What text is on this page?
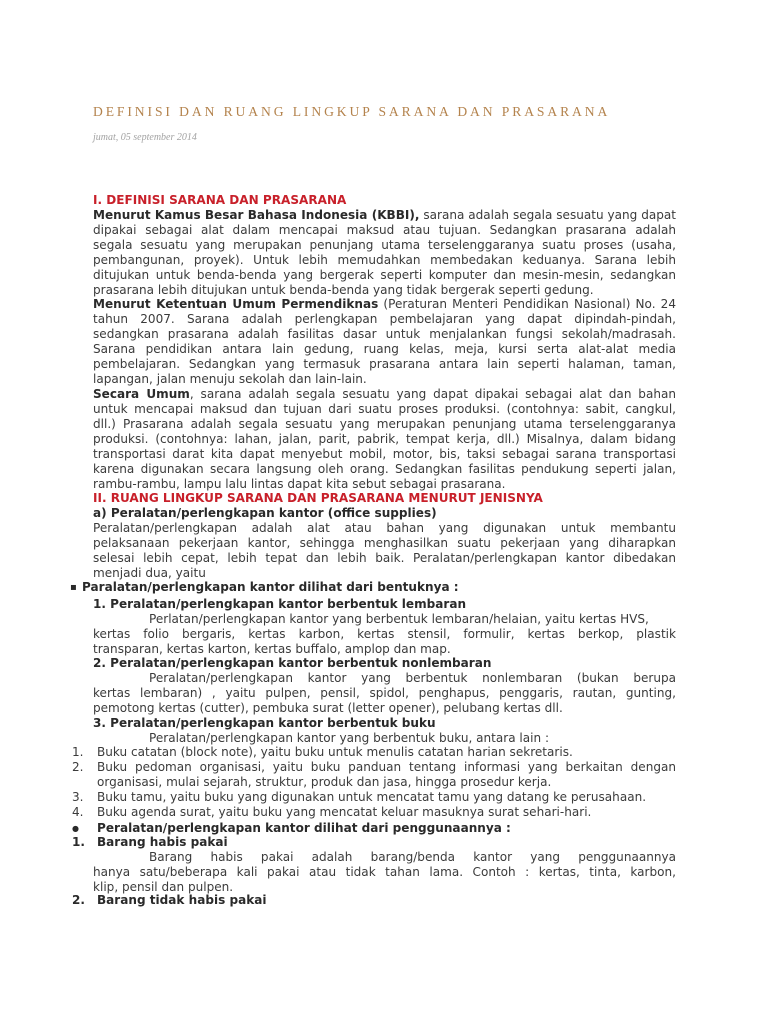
DEFINISI DAN RUANG LINGKUP SARANA DAN PRASARANA
jumat, 05 september 2014
I. DEFINISI SARANA DAN PRASARANA
Menurut Kamus Besar Bahasa Indonesia (KBBI), sarana adalah segala sesuatu yang dapat
dipakai sebagai alat dalam mencapai maksud atau tujuan. Sedangkan prasarana adalah
segala sesuatu yang merupakan penunjang utama terselenggaranya suatu proses (usaha,
pembangunan, proyek). Untuk lebih memudahkan membedakan keduanya. Sarana lebih
ditujukan untuk benda-benda yang bergerak seperti komputer dan mesin-mesin, sedangkan
prasarana lebih ditujukan untuk benda-benda yang tidak bergerak seperti gedung.
Menurut Ketentuan Umum Permendiknas (Peraturan Menteri Pendidikan Nasional) No. 24
tahun 2007. Sarana adalah perlengkapan pembelajaran yang dapat dipindah-pindah,
sedangkan prasarana adalah fasilitas dasar untuk menjalankan fungsi sekolah/madrasah.
Sarana pendidikan antara lain gedung, ruang kelas, meja, kursi serta alat-alat media
pembelajaran. Sedangkan yang termasuk prasarana antara lain seperti halaman, taman,
lapangan, jalan menuju sekolah dan lain-lain.
Secara Umum, sarana adalah segala sesuatu yang dapat dipakai sebagai alat dan bahan
untuk mencapai maksud dan tujuan dari suatu proses produksi. (contohnya: sabit, cangkul,
dll.) Prasarana adalah segala sesuatu yang merupakan penunjang utama terselenggaranya
produksi. (contohnya: lahan, jalan, parit, pabrik, tempat kerja, dll.) Misalnya, dalam bidang
transportasi darat kita dapat menyebut mobil, motor, bis, taksi sebagai sarana transportasi
karena digunakan secara langsung oleh orang. Sedangkan fasilitas pendukung seperti jalan,
rambu-rambu, lampu lalu lintas dapat kita sebut sebagai prasarana.
II. RUANG LINGKUP SARANA DAN PRASARANA MENURUT JENISNYA
a) Peralatan/perlengkapan kantor (office supplies)
Peralatan/perlengkapan adalah alat atau bahan yang digunakan untuk membantu
pelaksanaan pekerjaan kantor, sehingga menghasilkan suatu pekerjaan yang diharapkan
selesai lebih cepat, lebih tepat dan lebih baik. Peralatan/perlengkapan kantor dibedakan
menjadi dua, yaitu
▪ Paralatan/perlengkapan kantor dilihat dari bentuknya :
1. Peralatan/perlengkapan kantor berbentuk lembaran
Perlatan/perlengkapan kantor yang berbentuk lembaran/helaian, yaitu kertas HVS,
kertas folio bergaris, kertas karbon, kertas stensil, formulir, kertas berkop, plastik
transparan, kertas karton, kertas buffalo, amplop dan map.
2. Peralatan/perlengkapan kantor berbentuk nonlembaran
Peralatan/perlengkapan kantor yang berbentuk nonlembaran (bukan berupa
kertas lembaran) , yaitu pulpen, pensil, spidol, penghapus, penggaris, rautan, gunting,
pemotong kertas (cutter), pembuka surat (letter opener), pelubang kertas dll.
3. Peralatan/perlengkapan kantor berbentuk buku
Peralatan/perlengkapan kantor yang berbentuk buku, antara lain :
1. Buku catatan (block note), yaitu buku untuk menulis catatan harian sekretaris.
2. Buku pedoman organisasi, yaitu buku panduan tentang informasi yang berkaitan dengan
organisasi, mulai sejarah, struktur, produk dan jasa, hingga prosedur kerja.
3. Buku tamu, yaitu buku yang digunakan untuk mencatat tamu yang datang ke perusahaan.
4. Buku agenda surat, yaitu buku yang mencatat keluar masuknya surat sehari-hari.
● Peralatan/perlengkapan kantor dilihat dari penggunaannya :
1. Barang habis pakai
Barang habis pakai adalah barang/benda kantor yang penggunaannya
hanya satu/beberapa kali pakai atau tidak tahan lama. Contoh : kertas, tinta, karbon,
klip, pensil dan pulpen.
2. Barang tidak habis pakai
